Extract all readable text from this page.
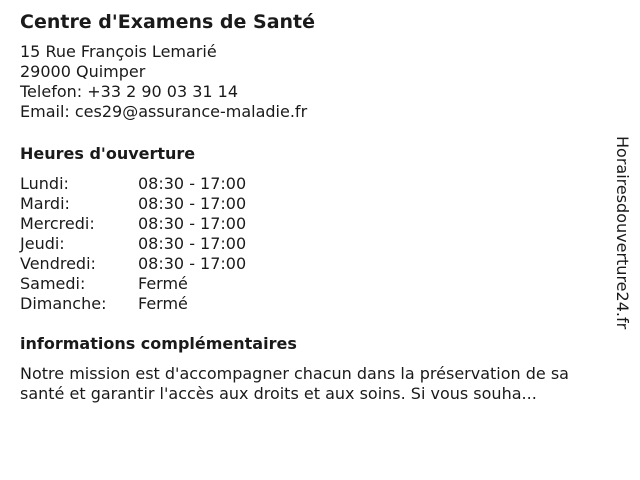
Centre d'Examens de Santé
15 Rue François Lemarié
29000 Quimper
Telefon: +33 2 90 03 31 14
Email: ces29@assurance-maladie.fr
Heures d'ouverture
Lundi:	08:30 - 17:00
Mardi:	08:30 - 17:00
Mercredi:	08:30 - 17:00
Jeudi:	08:30 - 17:00
Vendredi:	08:30 - 17:00
Samedi:	Fermé
Dimanche:	Fermé
informations complémentaires
Notre mission est d'accompagner chacun dans la préservation de sa
santé et garantir l'accès aux droits et aux soins. Si vous souha...
Horairesdouverture24.fr
